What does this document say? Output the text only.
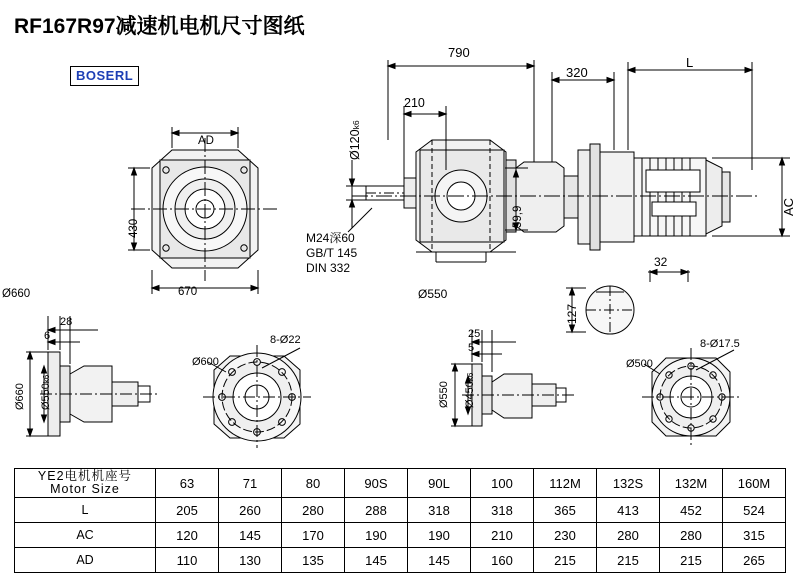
RF167R97减速机电机尺寸图纸
BOSERL
AD
430
670
Ø660
790
320
L
210
Ø120k6
59,9	AC
M24深60
GB/T 145
DIN 332	32
127
Ø550
28
6
Ø660 Ø550k6
Ø600
8-Ø22	25
5
Ø550 Ø450k6
Ø500
8-Ø17.5
YE2电机机座号
Motor Size	63	71	80	90S	90L	100	112M	132S	132M	160M
L	205	260	280	288	318	318	365	413	452	524
AC	120	145	170	190	190	210	230	280	280	315
AD	110	130	135	145	145	160	215	215	215	265
